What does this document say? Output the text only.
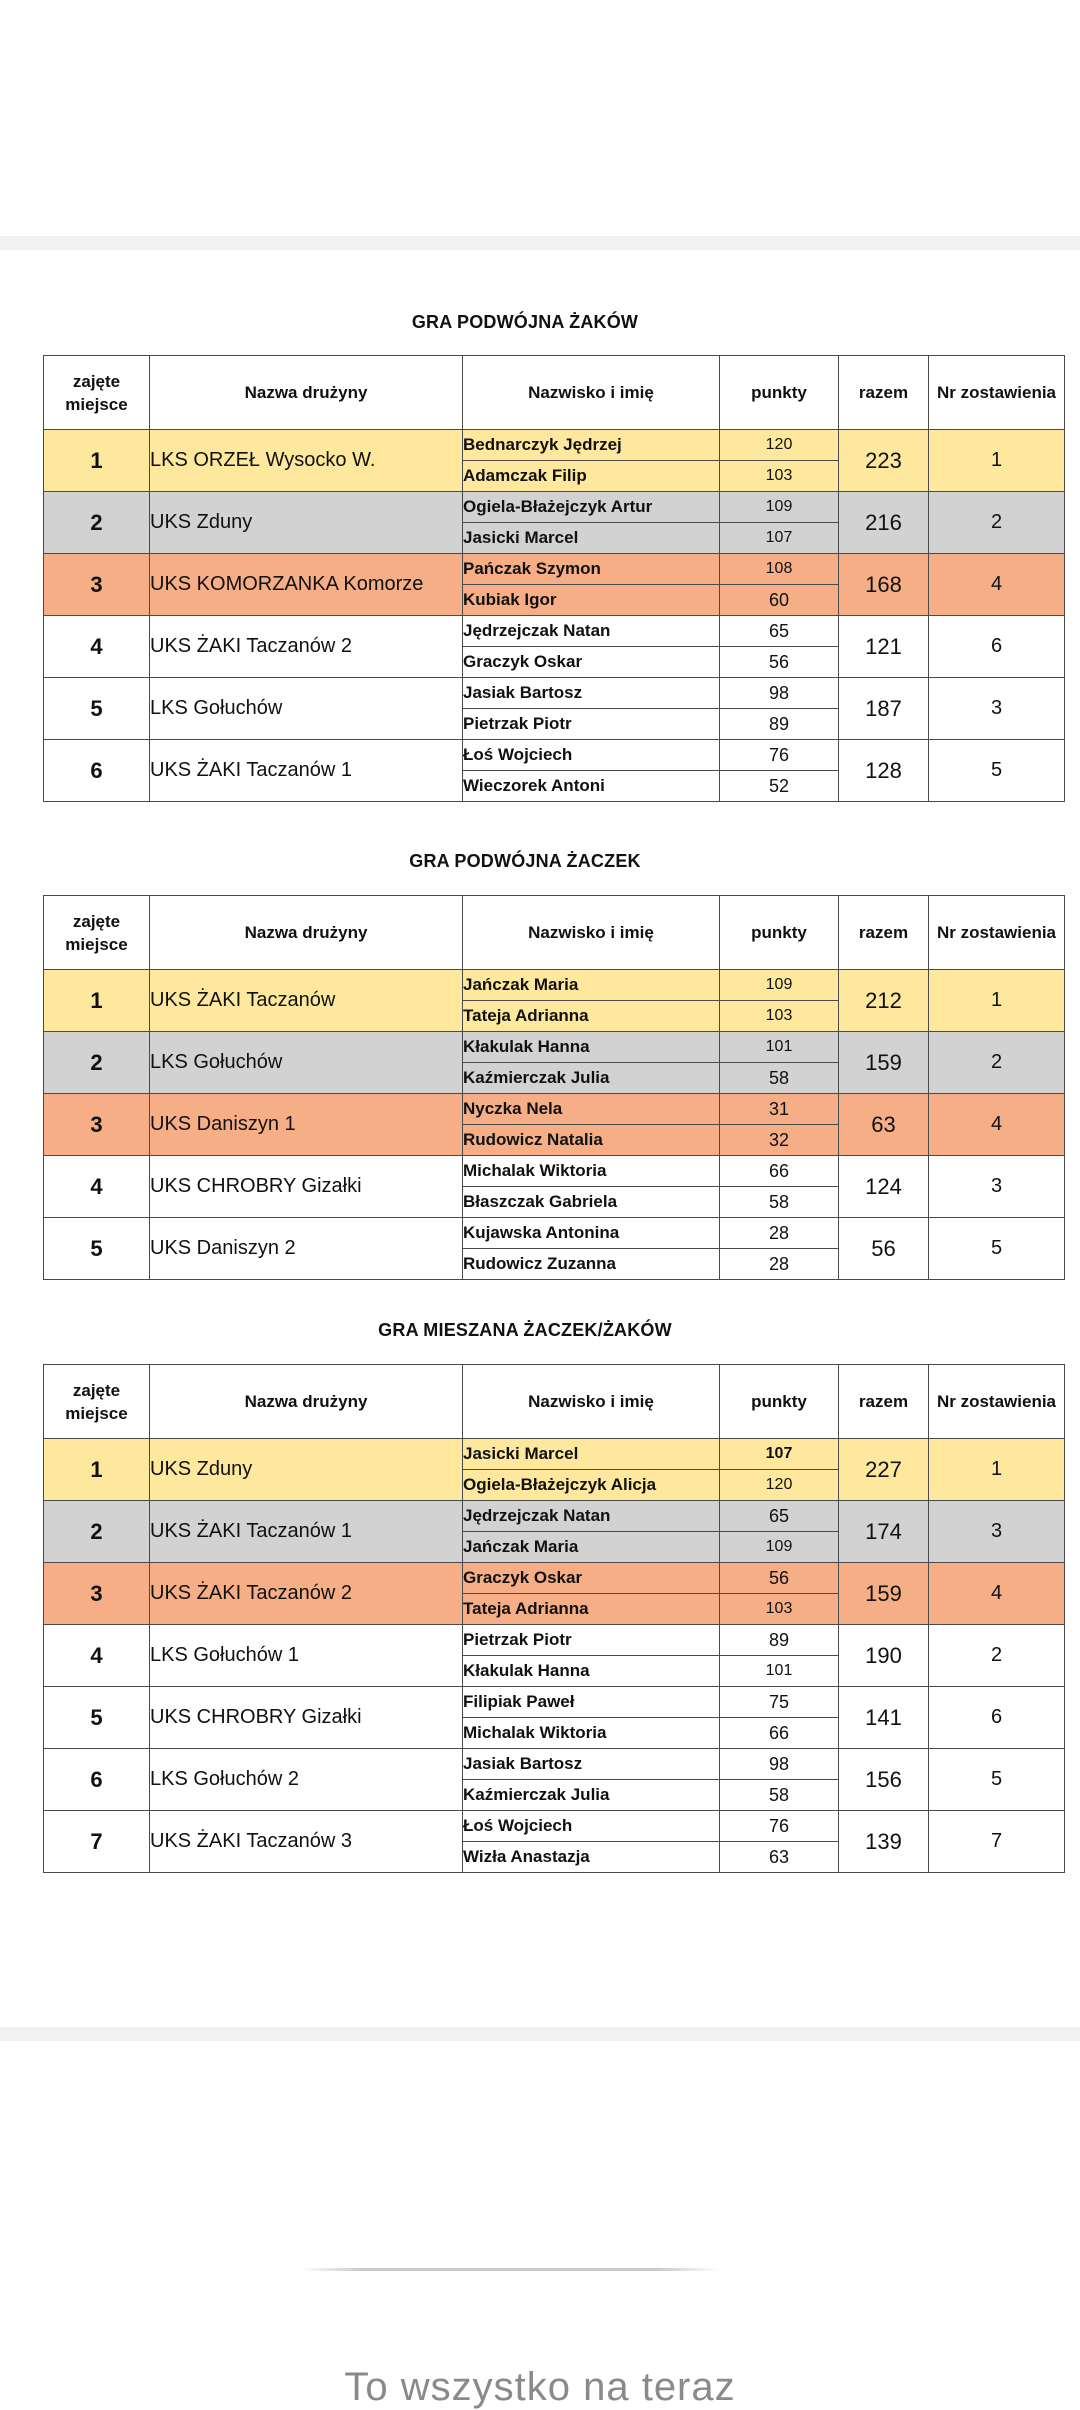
GRA PODWÓJNA ŻAKÓW
zajęte miejsce	Nazwa drużyny	Nazwisko i imię	punkty	razem	Nr zostawienia
1	LKS ORZEŁ Wysocko W.	Bednarczyk Jędrzej	120	223	1
		Adamczak Filip	103		
2	UKS Zduny	Ogiela-Błażejczyk Artur	109	216	2
		Jasicki Marcel	107		
3	UKS KOMORZANKA Komorze	Pańczak Szymon	108	168	4
		Kubiak Igor	60		
4	UKS ŻAKI Taczanów 2	Jędrzejczak Natan	65	121	6
		Graczyk Oskar	56		
5	LKS Gołuchów	Jasiak Bartosz	98	187	3
		Pietrzak Piotr	89		
6	UKS ŻAKI Taczanów 1	Łoś Wojciech	76	128	5
		Wieczorek Antoni	52		
GRA PODWÓJNA ŻACZEK
zajęte miejsce	Nazwa drużyny	Nazwisko i imię	punkty	razem	Nr zostawienia
1	UKS ŻAKI Taczanów	Jańczak Maria	109	212	1
		Tateja Adrianna	103		
2	LKS Gołuchów	Kłakulak Hanna	101	159	2
		Kaźmierczak Julia	58		
3	UKS Daniszyn 1	Nyczka Nela	31	63	4
		Rudowicz Natalia	32		
4	UKS CHROBRY Gizałki	Michalak Wiktoria	66	124	3
		Błaszczak Gabriela	58		
5	UKS Daniszyn 2	Kujawska Antonina	28	56	5
		Rudowicz Zuzanna	28		
GRA MIESZANA ŻACZEK/ŻAKÓW
zajęte miejsce	Nazwa drużyny	Nazwisko i imię	punkty	razem	Nr zostawienia
1	UKS Zduny	Jasicki Marcel	107	227	1
		Ogiela-Błażejczyk Alicja	120		
2	UKS ŻAKI Taczanów 1	Jędrzejczak Natan	65	174	3
		Jańczak Maria	109		
3	UKS ŻAKI Taczanów 2	Graczyk Oskar	56	159	4
		Tateja Adrianna	103		
4	LKS Gołuchów 1	Pietrzak Piotr	89	190	2
		Kłakulak Hanna	101		
5	UKS CHROBRY Gizałki	Filipiak Paweł	75	141	6
		Michalak Wiktoria	66		
6	LKS Gołuchów 2	Jasiak Bartosz	98	156	5
		Kaźmierczak Julia	58		
7	UKS ŻAKI Taczanów 3	Łoś Wojciech	76	139	7
		Wizła Anastazja	63		
To wszystko na teraz
